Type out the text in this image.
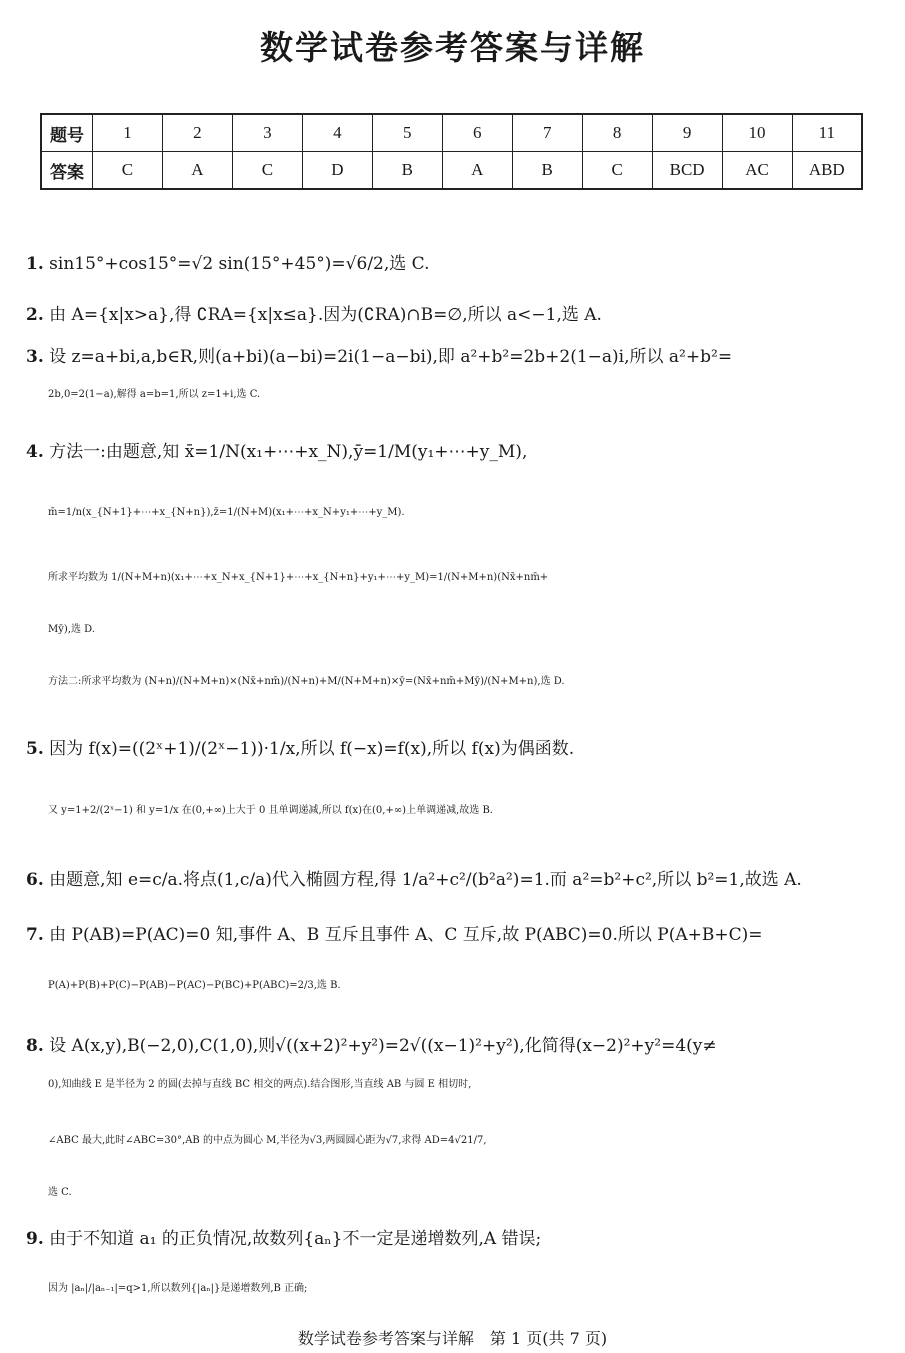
数学试卷参考答案与详解
题号	1	2	3	4	5	6	7	8	9	10	11
答案	C	A	C	D	B	A	B	C	BCD	AC	ABD
1. sin15°+cos15°=√2 sin(15°+45°)=√6/2,选 C.
2. 由 A={x|x>a},得 ∁RA={x|x≤a}.因为(∁RA)∩B=∅,所以 a<−1,选 A.
3. 设 z=a+bi,a,b∈R,则(a+bi)(a−bi)=2i(1−a−bi),即 a²+b²=2b+2(1−a)i,所以 a²+b²=
2b,0=2(1−a),解得 a=b=1,所以 z=1+i,选 C.
4. 方法一:由题意,知 x̄=1/N(x₁+⋯+x_N),ȳ=1/M(y₁+⋯+y_M),
m̄=1/n(x_{N+1}+⋯+x_{N+n}),z̄=1/(N+M)(x₁+⋯+x_N+y₁+⋯+y_M).
所求平均数为 1/(N+M+n)(x₁+⋯+x_N+x_{N+1}+⋯+x_{N+n}+y₁+⋯+y_M)=1/(N+M+n)(Nx̄+nm̄+
Mȳ),选 D.
方法二:所求平均数为 (N+n)/(N+M+n)×(Nx̄+nm̄)/(N+n)+M/(N+M+n)×ȳ=(Nx̄+nm̄+Mȳ)/(N+M+n),选 D.
5. 因为 f(x)=((2ˣ+1)/(2ˣ−1))·1/x,所以 f(−x)=f(x),所以 f(x)为偶函数.
又 y=1+2/(2ˣ−1) 和 y=1/x 在(0,+∞)上大于 0 且单调递减,所以 f(x)在(0,+∞)上单调递减,故选 B.
6. 由题意,知 e=c/a.将点(1,c/a)代入椭圆方程,得 1/a²+c²/(b²a²)=1.而 a²=b²+c²,所以 b²=1,故选 A.
7. 由 P(AB)=P(AC)=0 知,事件 A、B 互斥且事件 A、C 互斥,故 P(ABC)=0.所以 P(A+B+C)=
P(A)+P(B)+P(C)−P(AB)−P(AC)−P(BC)+P(ABC)=2/3,选 B.
8. 设 A(x,y),B(−2,0),C(1,0),则√((x+2)²+y²)=2√((x−1)²+y²),化简得(x−2)²+y²=4(y≠
0),知曲线 E 是半径为 2 的圆(去掉与直线 BC 相交的两点).结合图形,当直线 AB 与圆 E 相切时,
∠ABC 最大,此时∠ABC=30°,AB 的中点为圆心 M,半径为√3,两圆圆心距为√7,求得 AD=4√21/7,
选 C.
9. 由于不知道 a₁ 的正负情况,故数列{aₙ}不一定是递增数列,A 错误;
因为 |aₙ|/|aₙ₋₁|=q>1,所以数列{|aₙ|}是递增数列,B 正确;
数学试卷参考答案与详解　第 1 页(共 7 页)
